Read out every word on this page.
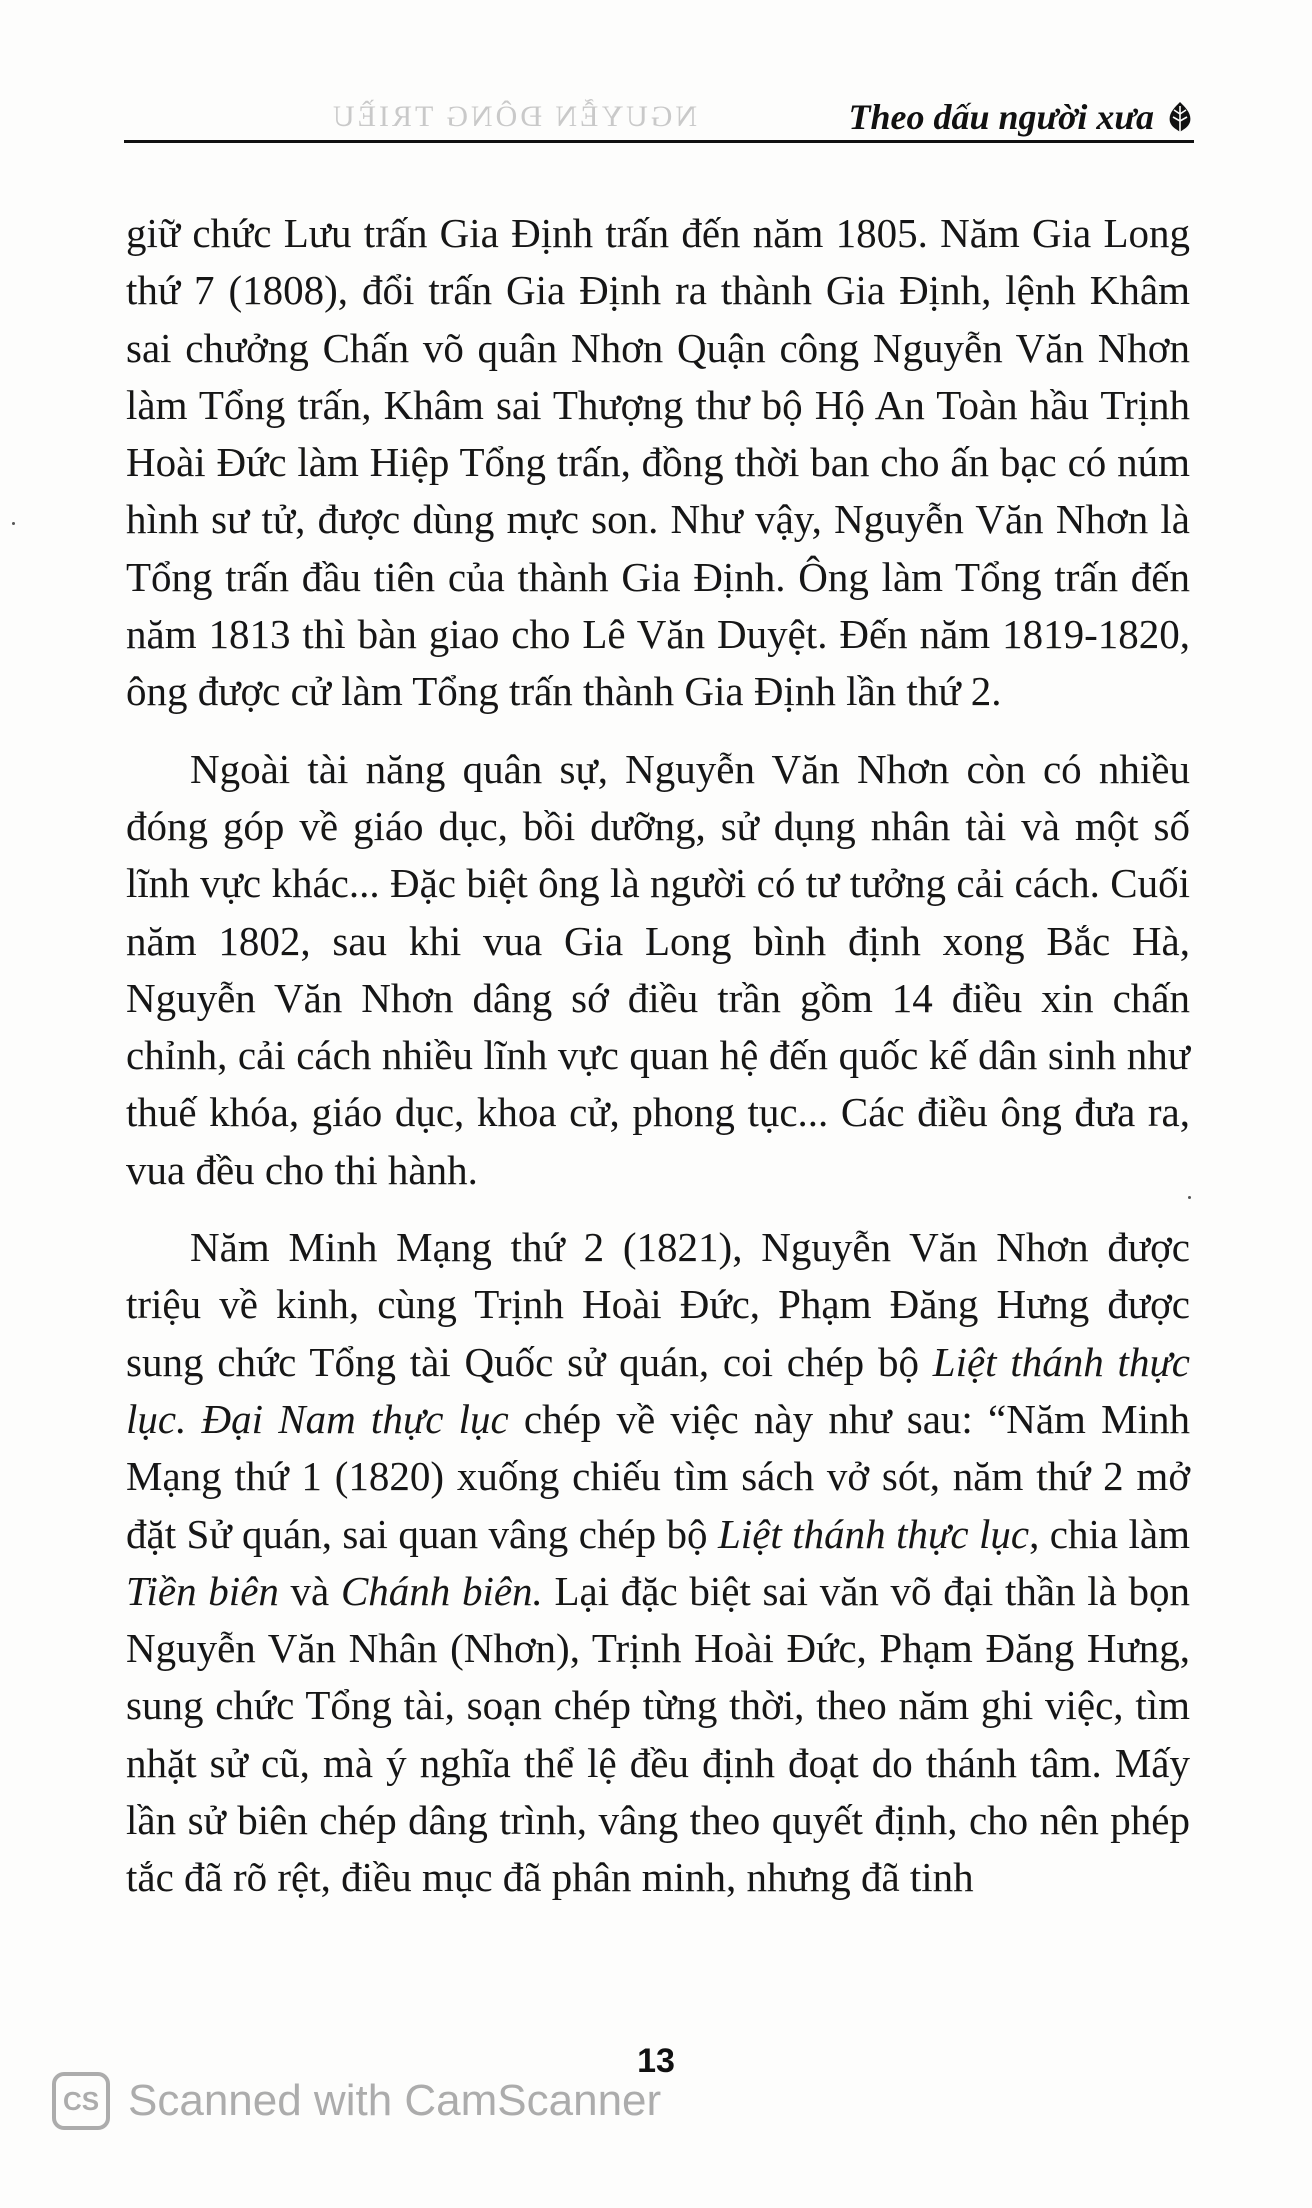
NGUYỄN ĐÔNG TRIỀU	Theo dấu người xưa

giữ chức Lưu trấn Gia Định trấn đến năm 1805. Năm Gia Long thứ 7 (1808), đổi trấn Gia Định ra thành Gia Định, lệnh Khâm sai chưởng Chấn võ quân Nhơn Quận công Nguyễn Văn Nhơn làm Tổng trấn, Khâm sai Thượng thư bộ Hộ An Toàn hầu Trịnh Hoài Đức làm Hiệp Tổng trấn, đồng thời ban cho ấn bạc có núm hình sư tử, được dùng mực son. Như vậy, Nguyễn Văn Nhơn là Tổng trấn đầu tiên của thành Gia Định. Ông làm Tổng trấn đến năm 1813 thì bàn giao cho Lê Văn Duyệt. Đến năm 1819-1820, ông được cử làm Tổng trấn thành Gia Định lần thứ 2.

Ngoài tài năng quân sự, Nguyễn Văn Nhơn còn có nhiều đóng góp về giáo dục, bồi dưỡng, sử dụng nhân tài và một số lĩnh vực khác... Đặc biệt ông là người có tư tưởng cải cách. Cuối năm 1802, sau khi vua Gia Long bình định xong Bắc Hà, Nguyễn Văn Nhơn dâng sớ điều trần gồm 14 điều xin chấn chỉnh, cải cách nhiều lĩnh vực quan hệ đến quốc kế dân sinh như thuế khóa, giáo dục, khoa cử, phong tục... Các điều ông đưa ra, vua đều cho thi hành.

Năm Minh Mạng thứ 2 (1821), Nguyễn Văn Nhơn được triệu về kinh, cùng Trịnh Hoài Đức, Phạm Đăng Hưng được sung chức Tổng tài Quốc sử quán, coi chép bộ Liệt thánh thực lục. Đại Nam thực lục chép về việc này như sau: “Năm Minh Mạng thứ 1 (1820) xuống chiếu tìm sách vở sót, năm thứ 2 mở đặt Sử quán, sai quan vâng chép bộ Liệt thánh thực lục, chia làm Tiền biên và Chánh biên. Lại đặc biệt sai văn võ đại thần là bọn Nguyễn Văn Nhân (Nhơn), Trịnh Hoài Đức, Phạm Đăng Hưng, sung chức Tổng tài, soạn chép từng thời, theo năm ghi việc, tìm nhặt sử cũ, mà ý nghĩa thể lệ đều định đoạt do thánh tâm. Mấy lần sử biên chép dâng trình, vâng theo quyết định, cho nên phép tắc đã rõ rệt, điều mục đã phân minh, nhưng đã tinh

13
CS Scanned with CamScanner
